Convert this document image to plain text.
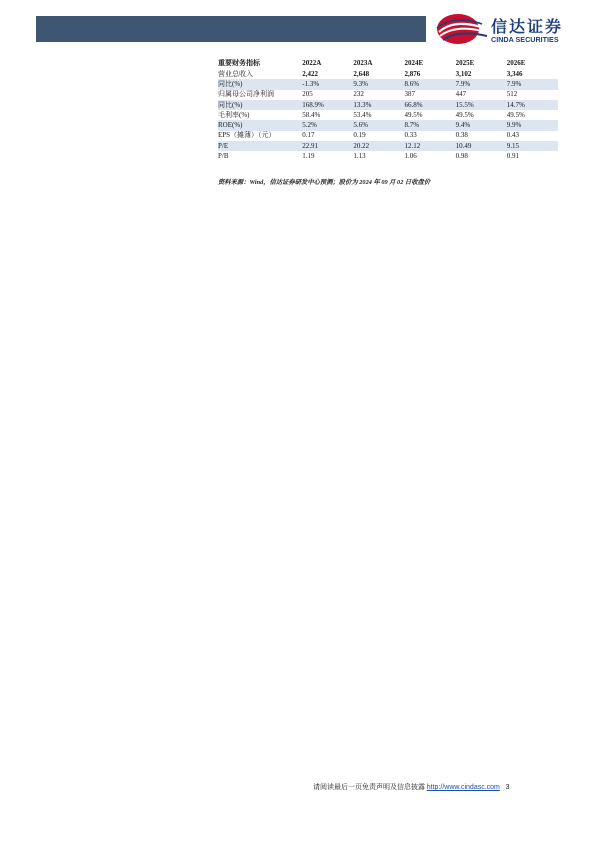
信达证券
CINDA SECURITIES
重要财务指标	2022A	2023A	2024E	2025E	2026E
营业总收入	2,422	2,648	2,876	3,102	3,346
同比(%)	-1.3%	9.3%	8.6%	7.9%	7.9%
归属母公司净利润	205	232	387	447	512
同比(%)	168.9%	13.3%	66.8%	15.5%	14.7%
毛利率(%)	58.4%	53.4%	49.5%	49.5%	49.5%
ROE(%)	5.2%	5.6%	8.7%	9.4%	9.9%
EPS（摊薄）（元）	0.17	0.19	0.33	0.38	0.43
P/E	22.91	20.22	12.12	10.49	9.15
P/B	1.19	1.13	1.06	0.98	0.91
资料来源：Wind，信达证券研发中心预测；股价为 2024 年 09 月 02 日收盘价
请阅读最后一页免责声明及信息披露 http://www.cindasc.com 3
